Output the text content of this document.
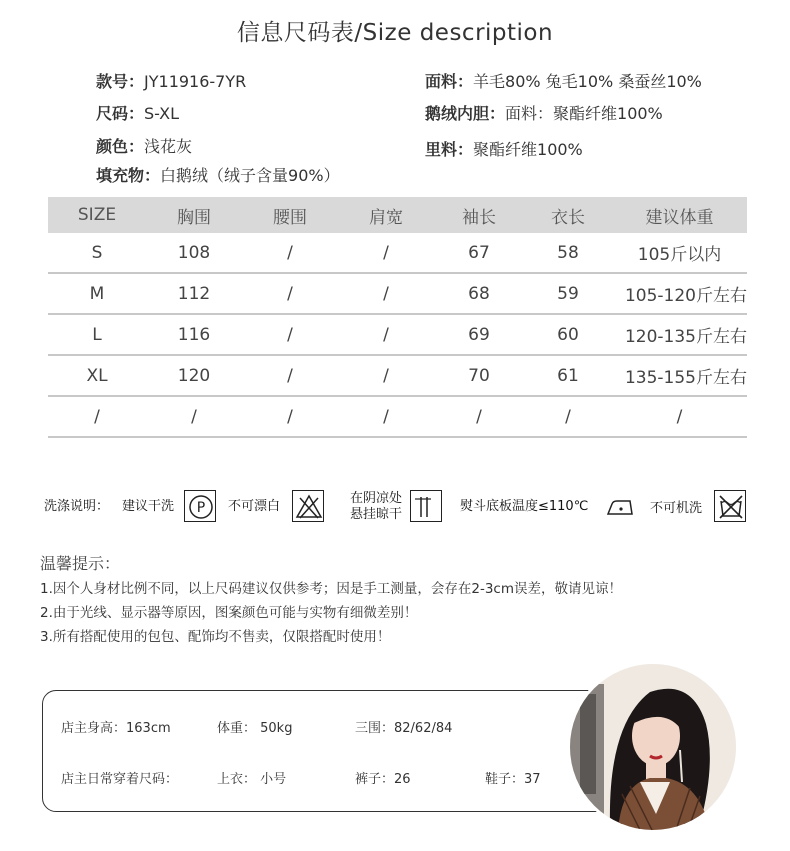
信息尺码表/Size description
款号：JY11916-7YR
尺码：S-XL
颜色：浅花灰
填充物：白鹅绒（绒子含量90%）
面料：羊毛80% 兔毛10% 桑蚕丝10%
鹅绒内胆：面料：聚酯纤维100%
里料：聚酯纤维100%
SIZE	胸围	腰围	肩宽	袖长	衣长	建议体重
S	108	/	/	67	58	105斤以内
M	112	/	/	68	59	105-120斤左右
L	116	/	/	69	60	120-135斤左右
XL	120	/	/	70	61	135-155斤左右
/	/	/	/	/	/	/
洗涤说明： 建议干洗 P 不可漂白
在阴凉处
悬挂晾干
熨斗底板温度≤110℃	不可机洗
温馨提示：
1.因个人身材比例不同，以上尺码建议仅供参考；因是手工测量，会存在2-3cm误差，敬请见谅！
2.由于光线、显示器等原因，图案颜色可能与实物有细微差别！
3.所有搭配使用的包包、配饰均不售卖，仅限搭配时使用！
店主身高：163cm	体重： 50kg	三围：82/62/84
店主日常穿着尺码：	上衣： 小号	裤子：26	鞋子：37
